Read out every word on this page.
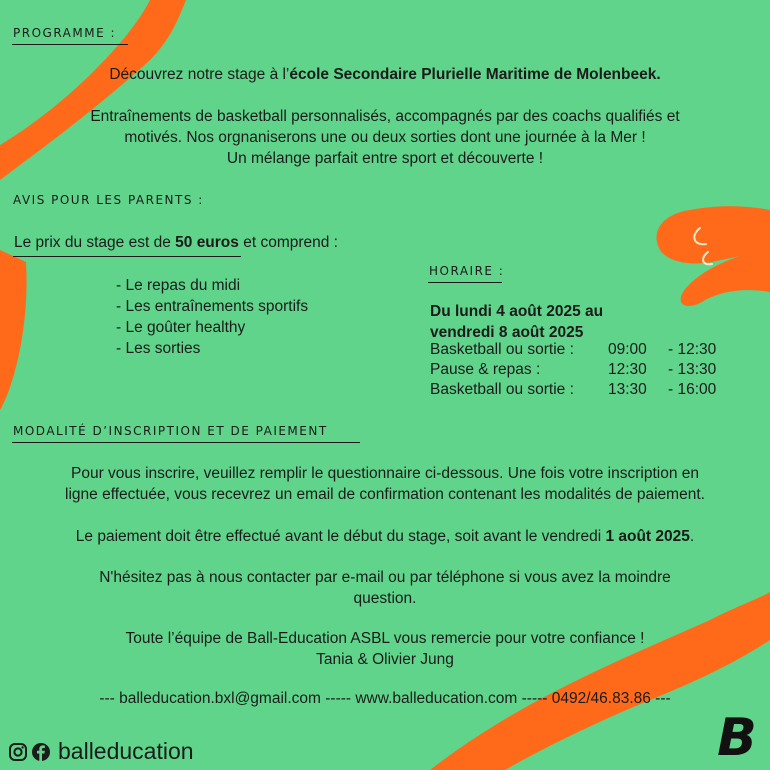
PROGRAMME :
Découvrez notre stage à l’école Secondaire Plurielle Maritime de Molenbeek.
Entraînements de basketball personnalisés, accompagnés par des coachs qualifiés et
motivés. Nos orgnaniserons une ou deux sorties dont une journée à la Mer !
Un mélange parfait entre sport et découverte !
AVIS POUR LES PARENTS :
Le prix du stage est de 50 euros et comprend :
- Le repas du midi
- Les entraînements sportifs
- Le goûter healthy
- Les sorties
HORAIRE :
Du lundi 4 août 2025 au
vendredi 8 août 2025
Basketball ou sortie : 09:00 - 12:30
Pause & repas :	12:30 - 13:30
Basketball ou sortie : 13:30 - 16:00
MODALITÉ D’INSCRIPTION ET DE PAIEMENT
Pour vous inscrire, veuillez remplir le questionnaire ci-dessous. Une fois votre inscription en
ligne effectuée, vous recevrez un email de confirmation contenant les modalités de paiement.
Le paiement doit être effectué avant le début du stage, soit avant le vendredi 1 août 2025.
N'hésitez pas à nous contacter par e-mail ou par téléphone si vous avez la moindre
question.
Toute l’équipe de Ball-Education ASBL vous remercie pour votre confiance !
Tania & Olivier Jung
--- balleducation.bxl@gmail.com ----- www.balleducation.com ----- 0492/46.83.86 ---
balleducation	B
